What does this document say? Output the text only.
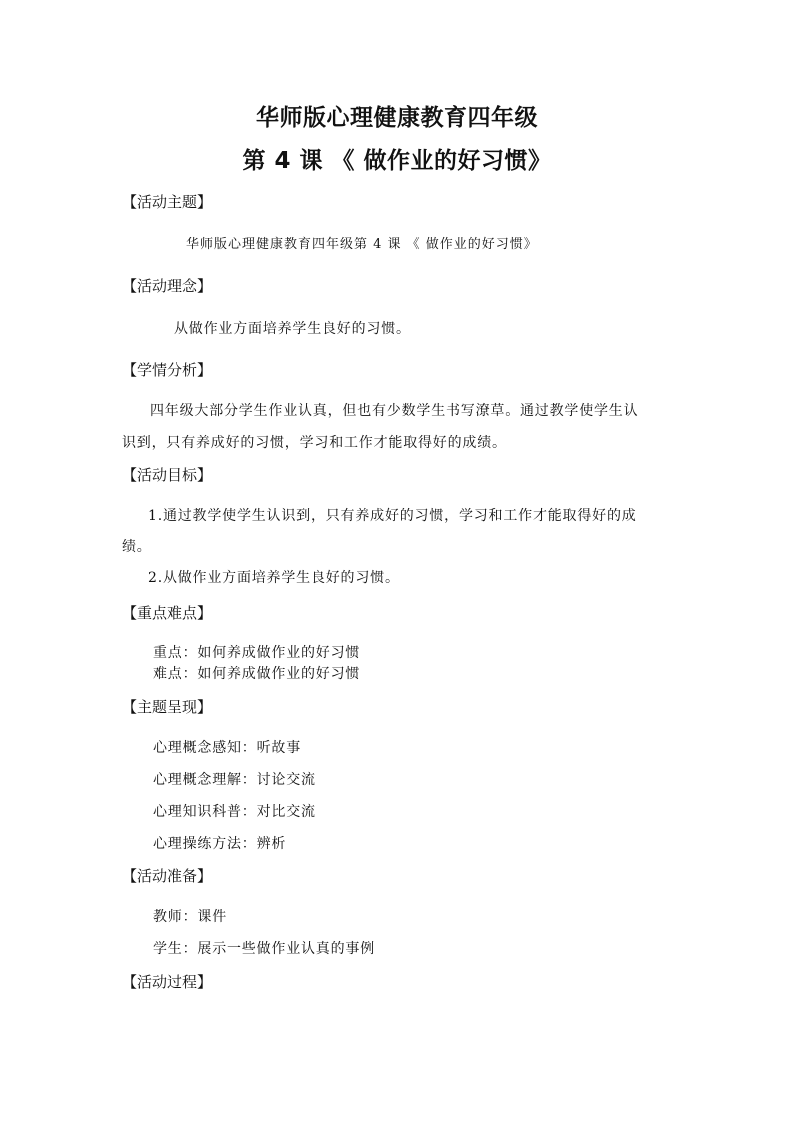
华师版心理健康教育四年级
第 4 课 《 做作业的好习惯》
【活动主题】
华师版心理健康教育四年级第 4 课 《 做作业的好习惯》
【活动理念】
从做作业方面培养学生良好的习惯。
【学情分析】
四年级大部分学生作业认真，但也有少数学生书写潦草。通过教学使学生认
识到，只有养成好的习惯，学习和工作才能取得好的成绩。
【活动目标】
1.通过教学使学生认识到，只有养成好的习惯，学习和工作才能取得好的成
绩。
2.从做作业方面培养学生良好的习惯。
【重点难点】
重点：如何养成做作业的好习惯
难点：如何养成做作业的好习惯
【主题呈现】
心理概念感知：听故事
心理概念理解：讨论交流
心理知识科普：对比交流
心理操练方法：辨析
【活动准备】
教师：课件
学生：展示一些做作业认真的事例
【活动过程】
